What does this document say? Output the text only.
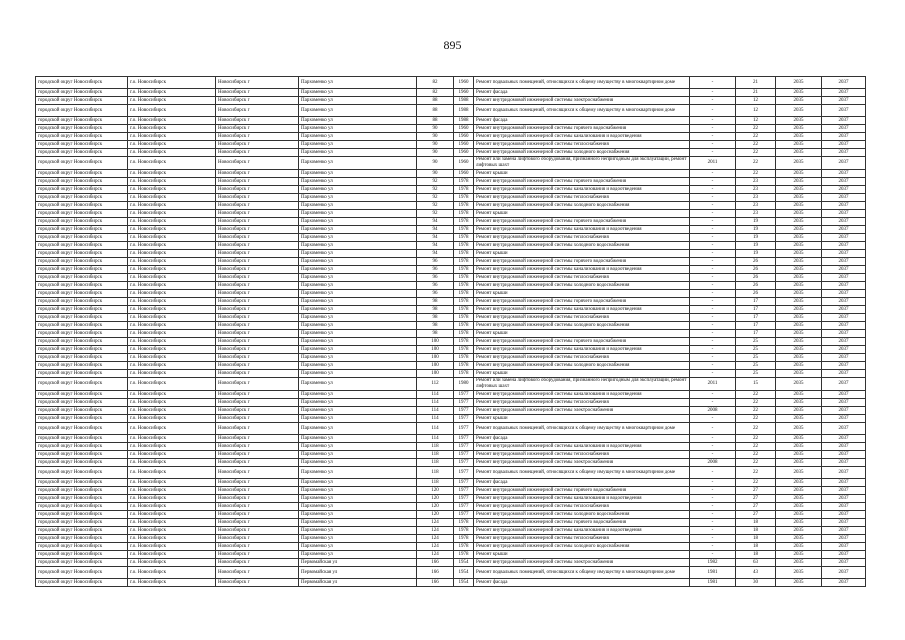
895
городской округ Новосибирск	г.о. Новосибирск	Новосибирск г	Пархоменко ул	82	1960	Ремонт подвальных помещений, относящихся к общему имуществу в многоквартирном доме	-	21	2035	2037
городской округ Новосибирск	г.о. Новосибирск	Новосибирск г	Пархоменко ул	82	1960	Ремонт фасада	-	21	2035	2037
городской округ Новосибирск	г.о. Новосибирск	Новосибирск г	Пархоменко ул	88	1988	Ремонт внутридомовой инженерной системы электроснабжения	-	12	2035	2037
городской округ Новосибирск	г.о. Новосибирск	Новосибирск г	Пархоменко ул	88	1988	Ремонт подвальных помещений, относящихся к общему имуществу в многоквартирном доме	-	12	2035	2037
городской округ Новосибирск	г.о. Новосибирск	Новосибирск г	Пархоменко ул	88	1988	Ремонт фасада	-	12	2035	2037
городской округ Новосибирск	г.о. Новосибирск	Новосибирск г	Пархоменко ул	90	1960	Ремонт внутридомовой инженерной системы горячего водоснабжения	-	22	2035	2037
городской округ Новосибирск	г.о. Новосибирск	Новосибирск г	Пархоменко ул	90	1960	Ремонт внутридомовой инженерной системы канализования и водоотведения	-	22	2035	2037
городской округ Новосибирск	г.о. Новосибирск	Новосибирск г	Пархоменко ул	90	1960	Ремонт внутридомовой инженерной системы теплоснабжения	-	22	2035	2037
городской округ Новосибирск	г.о. Новосибирск	Новосибирск г	Пархоменко ул	90	1960	Ремонт внутридомовой инженерной системы холодного водоснабжения	-	22	2035	2037
городской округ Новосибирск	г.о. Новосибирск	Новосибирск г	Пархоменко ул	90	1960	Ремонт или замена лифтового оборудования, признанного непригодным для эксплуатации, ремонт лифтовых шахт	2011	22	2035	2037
городской округ Новосибирск	г.о. Новосибирск	Новосибирск г	Пархоменко ул	90	1960	Ремонт крыши	-	22	2035	2037
городской округ Новосибирск	г.о. Новосибирск	Новосибирск г	Пархоменко ул	92	1978	Ремонт внутридомовой инженерной системы горячего водоснабжения	-	23	2035	2037
городской округ Новосибирск	г.о. Новосибирск	Новосибирск г	Пархоменко ул	92	1978	Ремонт внутридомовой инженерной системы канализования и водоотведения	-	23	2035	2037
городской округ Новосибирск	г.о. Новосибирск	Новосибирск г	Пархоменко ул	92	1978	Ремонт внутридомовой инженерной системы теплоснабжения	-	23	2035	2037
городской округ Новосибирск	г.о. Новосибирск	Новосибирск г	Пархоменко ул	92	1978	Ремонт внутридомовой инженерной системы холодного водоснабжения	-	23	2035	2037
городской округ Новосибирск	г.о. Новосибирск	Новосибирск г	Пархоменко ул	92	1978	Ремонт крыши	-	23	2035	2037
городской округ Новосибирск	г.о. Новосибирск	Новосибирск г	Пархоменко ул	94	1978	Ремонт внутридомовой инженерной системы горячего водоснабжения	-	19	2035	2037
городской округ Новосибирск	г.о. Новосибирск	Новосибирск г	Пархоменко ул	94	1978	Ремонт внутридомовой инженерной системы канализования и водоотведения	-	19	2035	2037
городской округ Новосибирск	г.о. Новосибирск	Новосибирск г	Пархоменко ул	94	1978	Ремонт внутридомовой инженерной системы теплоснабжения	-	19	2035	2037
городской округ Новосибирск	г.о. Новосибирск	Новосибирск г	Пархоменко ул	94	1978	Ремонт внутридомовой инженерной системы холодного водоснабжения	-	19	2035	2037
городской округ Новосибирск	г.о. Новосибирск	Новосибирск г	Пархоменко ул	94	1978	Ремонт крыши	-	19	2035	2037
городской округ Новосибирск	г.о. Новосибирск	Новосибирск г	Пархоменко ул	96	1978	Ремонт внутридомовой инженерной системы горячего водоснабжения	-	26	2035	2037
городской округ Новосибирск	г.о. Новосибирск	Новосибирск г	Пархоменко ул	96	1978	Ремонт внутридомовой инженерной системы канализования и водоотведения	-	26	2035	2037
городской округ Новосибирск	г.о. Новосибирск	Новосибирск г	Пархоменко ул	96	1978	Ремонт внутридомовой инженерной системы теплоснабжения	-	26	2035	2037
городской округ Новосибирск	г.о. Новосибирск	Новосибирск г	Пархоменко ул	96	1978	Ремонт внутридомовой инженерной системы холодного водоснабжения	-	26	2035	2037
городской округ Новосибирск	г.о. Новосибирск	Новосибирск г	Пархоменко ул	96	1978	Ремонт крыши	-	26	2035	2037
городской округ Новосибирск	г.о. Новосибирск	Новосибирск г	Пархоменко ул	98	1978	Ремонт внутридомовой инженерной системы горячего водоснабжения	-	17	2035	2037
городской округ Новосибирск	г.о. Новосибирск	Новосибирск г	Пархоменко ул	98	1978	Ремонт внутридомовой инженерной системы канализования и водоотведения	-	17	2035	2037
городской округ Новосибирск	г.о. Новосибирск	Новосибирск г	Пархоменко ул	98	1978	Ремонт внутридомовой инженерной системы теплоснабжения	-	17	2035	2037
городской округ Новосибирск	г.о. Новосибирск	Новосибирск г	Пархоменко ул	98	1978	Ремонт внутридомовой инженерной системы холодного водоснабжения	-	17	2035	2037
городской округ Новосибирск	г.о. Новосибирск	Новосибирск г	Пархоменко ул	98	1978	Ремонт крыши	-	17	2035	2037
городской округ Новосибирск	г.о. Новосибирск	Новосибирск г	Пархоменко ул	100	1978	Ремонт внутридомовой инженерной системы горячего водоснабжения	-	25	2035	2037
городской округ Новосибирск	г.о. Новосибирск	Новосибирск г	Пархоменко ул	100	1978	Ремонт внутридомовой инженерной системы канализования и водоотведения	-	25	2035	2037
городской округ Новосибирск	г.о. Новосибирск	Новосибирск г	Пархоменко ул	100	1978	Ремонт внутридомовой инженерной системы теплоснабжения	-	25	2035	2037
городской округ Новосибирск	г.о. Новосибирск	Новосибирск г	Пархоменко ул	100	1978	Ремонт внутридомовой инженерной системы холодного водоснабжения	-	25	2035	2037
городской округ Новосибирск	г.о. Новосибирск	Новосибирск г	Пархоменко ул	100	1978	Ремонт крыши	-	25	2035	2037
городской округ Новосибирск	г.о. Новосибирск	Новосибирск г	Пархоменко ул	112	1980	Ремонт или замена лифтового оборудования, признанного непригодным для эксплуатации, ремонт лифтовых шахт	2011	15	2035	2037
городской округ Новосибирск	г.о. Новосибирск	Новосибирск г	Пархоменко ул	114	1977	Ремонт внутридомовой инженерной системы канализования и водоотведения	-	22	2035	2037
городской округ Новосибирск	г.о. Новосибирск	Новосибирск г	Пархоменко ул	114	1977	Ремонт внутридомовой инженерной системы теплоснабжения	-	22	2035	2037
городской округ Новосибирск	г.о. Новосибирск	Новосибирск г	Пархоменко ул	114	1977	Ремонт внутридомовой инженерной системы электроснабжения	2008	22	2035	2037
городской округ Новосибирск	г.о. Новосибирск	Новосибирск г	Пархоменко ул	114	1977	Ремонт крыши	-	22	2035	2037
городской округ Новосибирск	г.о. Новосибирск	Новосибирск г	Пархоменко ул	114	1977	Ремонт подвальных помещений, относящихся к общему имуществу в многоквартирном доме	-	22	2035	2037
городской округ Новосибирск	г.о. Новосибирск	Новосибирск г	Пархоменко ул	114	1977	Ремонт фасада	-	22	2035	2037
городской округ Новосибирск	г.о. Новосибирск	Новосибирск г	Пархоменко ул	118	1977	Ремонт внутридомовой инженерной системы канализования и водоотведения	-	22	2035	2037
городской округ Новосибирск	г.о. Новосибирск	Новосибирск г	Пархоменко ул	118	1977	Ремонт внутридомовой инженерной системы теплоснабжения	-	22	2035	2037
городской округ Новосибирск	г.о. Новосибирск	Новосибирск г	Пархоменко ул	118	1977	Ремонт внутридомовой инженерной системы электроснабжения	2008	22	2035	2037
городской округ Новосибирск	г.о. Новосибирск	Новосибирск г	Пархоменко ул	118	1977	Ремонт подвальных помещений, относящихся к общему имуществу в многоквартирном доме	-	22	2035	2037
городской округ Новосибирск	г.о. Новосибирск	Новосибирск г	Пархоменко ул	118	1977	Ремонт фасада	-	22	2035	2037
городской округ Новосибирск	г.о. Новосибирск	Новосибирск г	Пархоменко ул	120	1977	Ремонт внутридомовой инженерной системы горячего водоснабжения	-	27	2035	2037
городской округ Новосибирск	г.о. Новосибирск	Новосибирск г	Пархоменко ул	120	1977	Ремонт внутридомовой инженерной системы канализования и водоотведения	-	27	2035	2037
городской округ Новосибирск	г.о. Новосибирск	Новосибирск г	Пархоменко ул	120	1977	Ремонт внутридомовой инженерной системы теплоснабжения	-	27	2035	2037
городской округ Новосибирск	г.о. Новосибирск	Новосибирск г	Пархоменко ул	120	1977	Ремонт внутридомовой инженерной системы холодного водоснабжения	-	27	2035	2037
городской округ Новосибирск	г.о. Новосибирск	Новосибирск г	Пархоменко ул	124	1978	Ремонт внутридомовой инженерной системы горячего водоснабжения	-	18	2035	2037
городской округ Новосибирск	г.о. Новосибирск	Новосибирск г	Пархоменко ул	124	1978	Ремонт внутридомовой инженерной системы канализования и водоотведения	-	18	2035	2037
городской округ Новосибирск	г.о. Новосибирск	Новосибирск г	Пархоменко ул	124	1978	Ремонт внутридомовой инженерной системы теплоснабжения	-	18	2035	2037
городской округ Новосибирск	г.о. Новосибирск	Новосибирск г	Пархоменко ул	124	1978	Ремонт внутридомовой инженерной системы холодного водоснабжения	-	18	2035	2037
городской округ Новосибирск	г.о. Новосибирск	Новосибирск г	Пархоменко ул	124	1978	Ремонт крыши	-	18	2035	2037
городской округ Новосибирск	г.о. Новосибирск	Новосибирск г	Первомайская ул	166	1954	Ремонт внутридомовой инженерной системы электроснабжения	1982	63	2035	2037
городской округ Новосибирск	г.о. Новосибирск	Новосибирск г	Первомайская ул	166	1954	Ремонт подвальных помещений, относящихся к общему имуществу в многоквартирном доме	1981	43	2035	2037
городской округ Новосибирск	г.о. Новосибирск	Новосибирск г	Первомайская ул	166	1954	Ремонт фасада	1981	30	2035	2037
